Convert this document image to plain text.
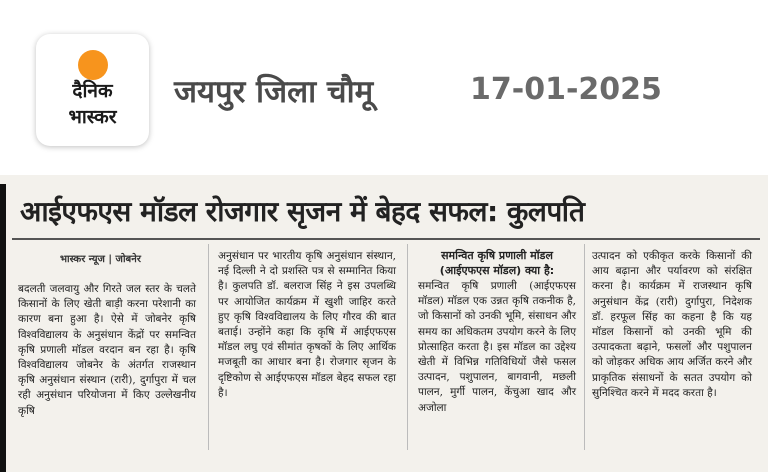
दैनिक
भास्कर
जयपुर जिला चौमू	17-01-2025
आईएफएस मॉडल रोजगार सृजन में बेहद सफल: कुलपति
भास्कर न्यूज | जोबनेर
बदलती जलवायु और गिरते जल स्तर के चलते किसानों के लिए खेती बाड़ी करना परेशानी का कारण बना हुआ है। ऐसे में जोबनेर कृषि विश्वविद्यालय के अनुसंधान केंद्रों पर समन्वित कृषि प्रणाली मॉडल वरदान बन रहा है। कृषि विश्वविद्यालय जोबनेर के अंतर्गत राजस्थान कृषि अनुसंधान संस्थान (रारी), दुर्गापुरा में चल रही अनुसंधान परियोजना में किए उल्लेखनीय कृषि
अनुसंधान पर भारतीय कृषि अनुसंधान संस्थान, नई दिल्ली ने दो प्रशस्ति पत्र से सम्मानित किया है। कुलपति डॉ. बलराज सिंह ने इस उपलब्धि पर आयोजित कार्यक्रम में खुशी जाहिर करते हुए कृषि विश्वविद्यालय के लिए गौरव की बात बताई। उन्होंने कहा कि कृषि में आईएफएस मॉडल लघु एवं सीमांत कृषकों के लिए आर्थिक मजबूती का आधार बना है। रोजगार सृजन के दृष्टिकोण से आईएफएस मॉडल बेहद सफल रहा है।
समन्वित कृषि प्रणाली मॉडल (आईएफएस मॉडल) क्या है:
समन्वित कृषि प्रणाली (आईएफएस मॉडल) मॉडल एक उन्नत कृषि तकनीक है, जो किसानों को उनकी भूमि, संसाधन और समय का अधिकतम उपयोग करने के लिए प्रोत्साहित करता है। इस मॉडल का उद्देश्य खेती में विभिन्न गतिविधियों जैसे फसल उत्पादन, पशुपालन, बागवानी, मछली पालन, मुर्गी पालन, केंचुआ खाद और अजोला
उत्पादन को एकीकृत करके किसानों की आय बढ़ाना और पर्यावरण को संरक्षित करना है। कार्यक्रम में राजस्थान कृषि अनुसंधान केंद्र (रारी) दुर्गापुरा, निदेशक डॉ. हरफूल सिंह का कहना है कि यह मॉडल किसानों को उनकी भूमि की उत्पादकता बढ़ाने, फसलों और पशुपालन को जोड़कर अधिक आय अर्जित करने और प्राकृतिक संसाधनों के सतत उपयोग को सुनिश्चित करने में मदद करता है।
